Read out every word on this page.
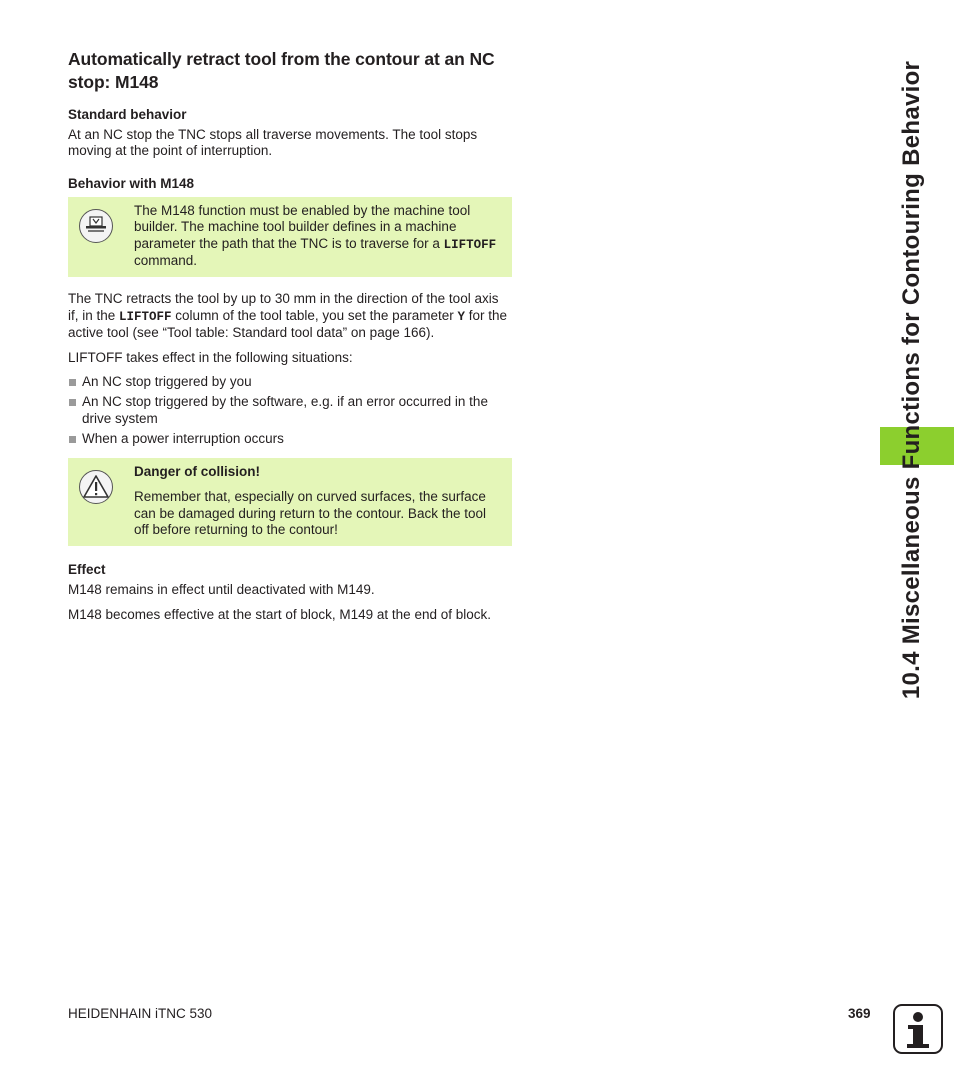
Automatically retract tool from the contour at an NC stop: M148
Standard behavior

At an NC stop the TNC stops all traverse movements. The tool stops moving at the point of interruption.

Behavior with M148

The M148 function must be enabled by the machine tool builder. The machine tool builder defines in a machine parameter the path that the TNC is to traverse for a LIFTOFF command.

The TNC retracts the tool by up to 30 mm in the direction of the tool axis if, in the LIFTOFF column of the tool table, you set the parameter Y for the active tool (see “Tool table: Standard tool data” on page 166).

LIFTOFF takes effect in the following situations:

An NC stop triggered by you
An NC stop triggered by the software, e.g. if an error occurred in the drive system
When a power interruption occurs

Danger of collision!

Remember that, especially on curved surfaces, the surface can be damaged during return to the contour. Back the tool off before returning to the contour!

Effect

M148 remains in effect until deactivated with M149.

M148 becomes effective at the start of block, M149 at the end of block.	10.4 Miscellaneous Functions for Contouring Behavior
HEIDENHAIN iTNC 530	369
